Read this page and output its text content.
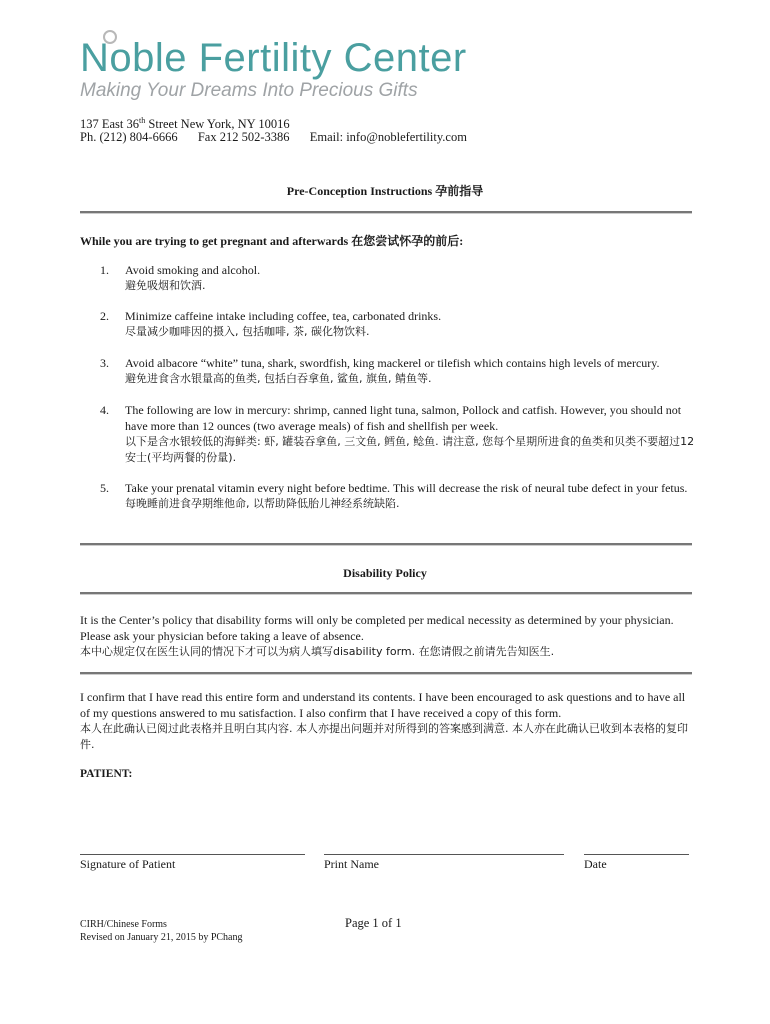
Noble Fertility Center
Making Your Dreams Into Precious Gifts
137 East 36th Street New York, NY 10016
Ph. (212) 804-6666 Fax 212 502-3386 Email: info@noblefertility.com
Pre-Conception Instructions 孕前指导
While you are trying to get pregnant and afterwards 在您尝试怀孕的前后:
1. Avoid smoking and alcohol.
避免吸烟和饮酒.
2. Minimize caffeine intake including coffee, tea, carbonated drinks.
尽量减少咖啡因的摄入, 包括咖啡, 茶, 碳化物饮料.
3. Avoid albacore “white” tuna, shark, swordfish, king mackerel or tilefish which contains high levels of mercury.
避免进食含水银量高的鱼类, 包括白吞拿鱼, 鲨鱼, 旗鱼, 鲭鱼等.
4. The following are low in mercury: shrimp, canned light tuna, salmon, Pollock and catfish. However, you should not have more than 12 ounces (two average meals) of fish and shellfish per week.
以下是含水银较低的海鲜类: 虾, 罐装吞拿鱼, 三文鱼, 鳕鱼, 鲶鱼. 请注意, 您每个星期所进食的鱼类和贝类不要超过12安士(平均两餐的份量).
5. Take your prenatal vitamin every night before bedtime. This will decrease the risk of neural tube defect in your fetus.
每晚睡前进食孕期维他命, 以帮助降低胎儿神经系统缺陷.
Disability Policy
It is the Center’s policy that disability forms will only be completed per medical necessity as determined by your physician. Please ask your physician before taking a leave of absence.
本中心规定仅在医生认同的情况下才可以为病人填写disability form. 在您请假之前请先告知医生.
I confirm that I have read this entire form and understand its contents. I have been encouraged to ask questions and to have all of my questions answered to mu satisfaction. I also confirm that I have received a copy of this form.
本人在此确认已阅过此表格并且明白其内容. 本人亦提出问题并对所得到的答案感到满意. 本人亦在此确认已收到本表格的复印件.
PATIENT:
Signature of Patient	Print Name	Date
CIRH/Chinese Forms
Revised on January 21, 2015 by PChang
Page 1 of 1
